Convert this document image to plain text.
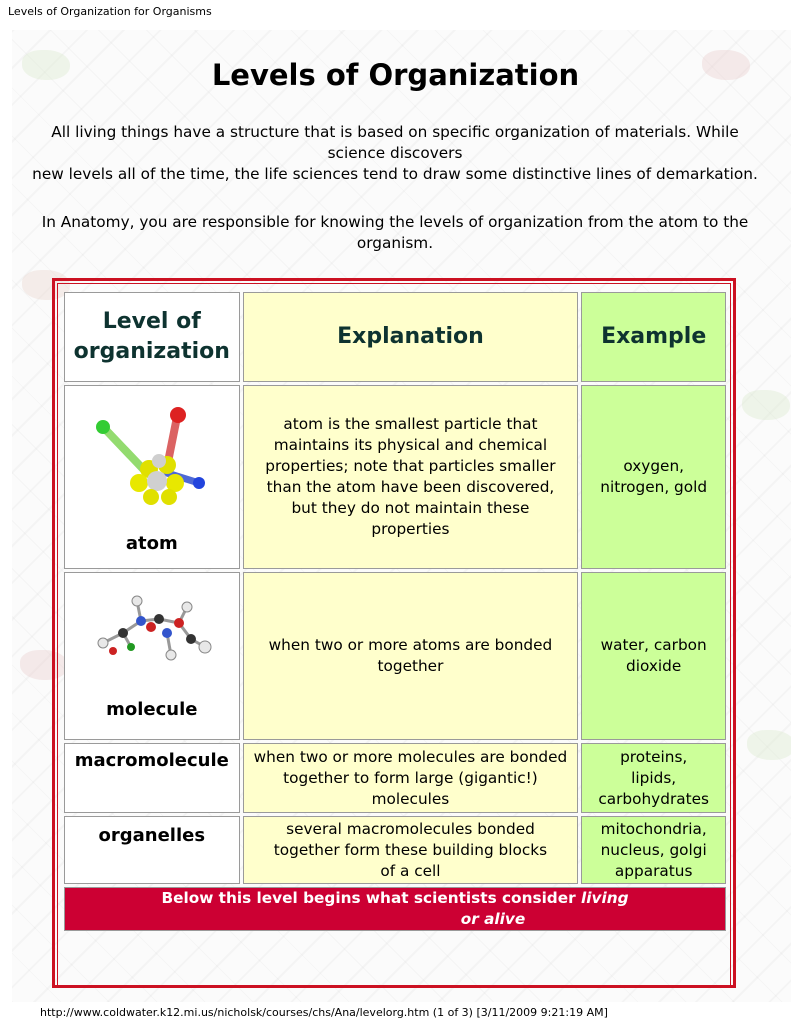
Levels of Organization for Organisms
Levels of Organization
All living things have a structure that is based on specific organization of materials. While
science discovers
new levels all of the time, the life sciences tend to draw some distinctive lines of demarkation.
In Anatomy, you are responsible for knowing the levels of organization from the atom to the
organism.
Level of
organization	Explanation	Example

atom	atom is the smallest particle that maintains its physical and chemical properties; note that particles smaller than the atom have been discovered, but they do not maintain these properties	oxygen, nitrogen, gold

molecule	when two or more atoms are bonded together	water, carbon dioxide

macromolecule	when two or more molecules are bonded together to form large (gigantic!) molecules	proteins, lipids, carbohydrates

organelles	several macromolecules bonded together form these building blocks of a cell	mitochondria, nucleus, golgi apparatus

Below this level begins what scientists consider living
or alive		
http://www.coldwater.k12.mi.us/nicholsk/courses/chs/Ana/levelorg.htm (1 of 3) [3/11/2009 9:21:19 AM]
